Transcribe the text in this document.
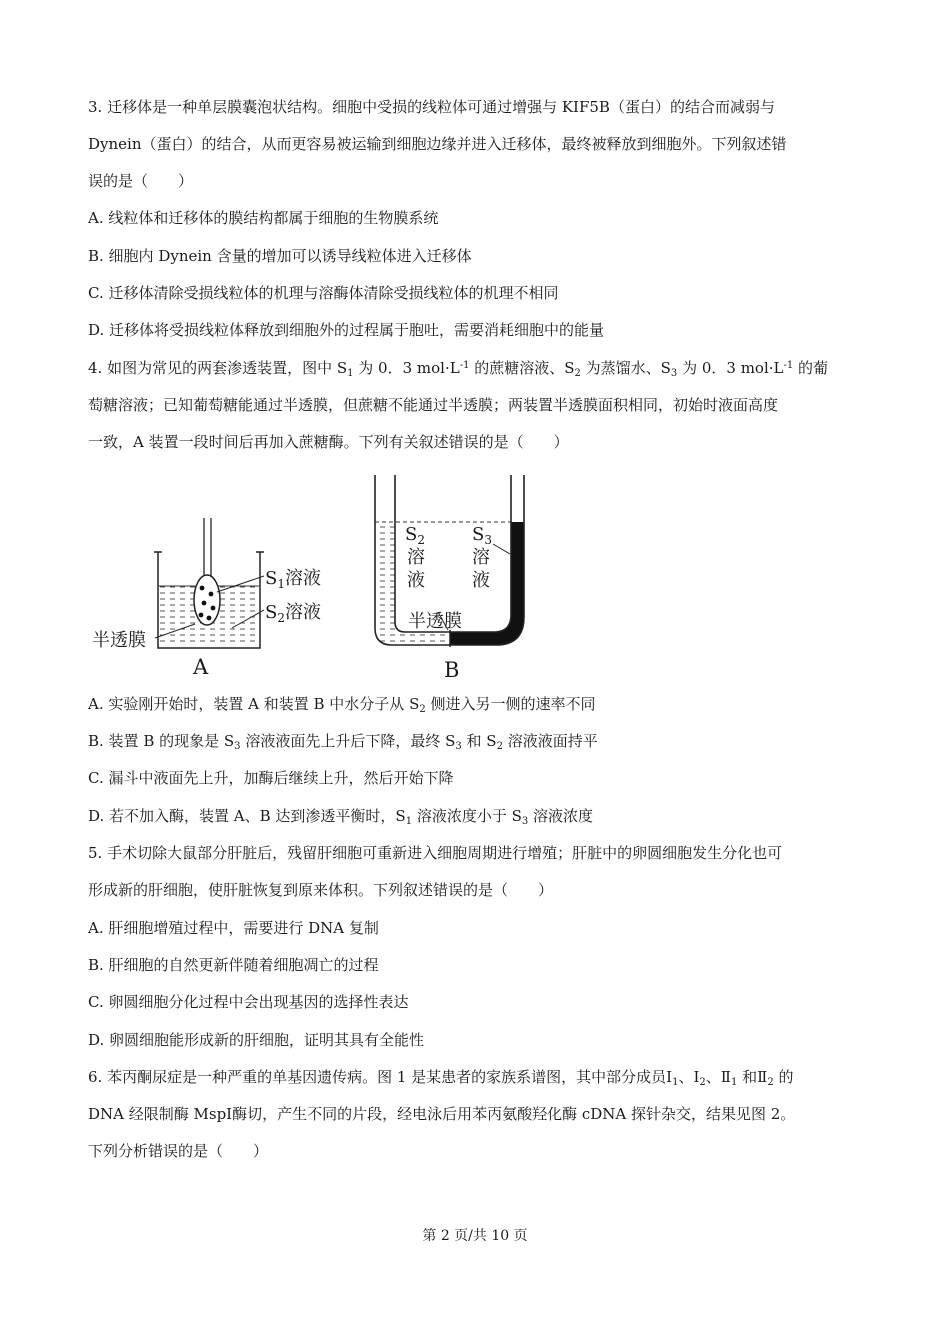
3. 迁移体是一种单层膜囊泡状结构。细胞中受损的线粒体可通过增强与 KIF5B（蛋白）的结合而减弱与
Dynein（蛋白）的结合，从而更容易被运输到细胞边缘并进入迁移体，最终被释放到细胞外。下列叙述错
误的是（　　）
A. 线粒体和迁移体的膜结构都属于细胞的生物膜系统
B. 细胞内 Dynein 含量的增加可以诱导线粒体进入迁移体
C. 迁移体清除受损线粒体的机理与溶酶体清除受损线粒体的机理不相同
D. 迁移体将受损线粒体释放到细胞外的过程属于胞吐，需要消耗细胞中的能量
4. 如图为常见的两套渗透装置，图中 $S_1$ 为 0．3 $mol\cdot L^{-1}$ 的蔗糖溶液、$S_2$ 为蒸馏水、$S_3$ 为 0．3 $mol\cdot L^{-1}$ 的葡
萄糖溶液；已知葡萄糖能通过半透膜，但蔗糖不能通过半透膜；两装置半透膜面积相同，初始时液面高度
一致，A 装置一段时间后再加入蔗糖酶。下列有关叙述错误的是（　　）
$S_1$溶液
$S_2$溶液
半透膜
A
$S_2$
溶
液
$S_3$
溶
液
半透膜
B
A. 实验刚开始时，装置 A 和装置 B 中水分子从 $S_2$ 侧进入另一侧的速率不同
B. 装置 B 的现象是 $S_3$ 溶液液面先上升后下降，最终 $S_3$ 和 $S_2$ 溶液液面持平
C. 漏斗中液面先上升，加酶后继续上升，然后开始下降
D. 若不加入酶，装置 A、B 达到渗透平衡时，$S_1$ 溶液浓度小于 $S_3$ 溶液浓度
5. 手术切除大鼠部分肝脏后，残留肝细胞可重新进入细胞周期进行增殖；肝脏中的卵圆细胞发生分化也可
形成新的肝细胞，使肝脏恢复到原来体积。下列叙述错误的是（　　）
A. 肝细胞增殖过程中，需要进行 DNA 复制
B. 肝细胞的自然更新伴随着细胞凋亡的过程
C. 卵圆细胞分化过程中会出现基因的选择性表达
D. 卵圆细胞能形成新的肝细胞，证明其具有全能性
6. 苯丙酮尿症是一种严重的单基因遗传病。图 1 是某患者的家族系谱图，其中部分成员$Ⅰ_1$、$Ⅰ_2$、$Ⅱ_1$ 和$Ⅱ_2$ 的
DNA 经限制酶 MspI酶切，产生不同的片段，经电泳后用苯丙氨酸羟化酶 cDNA 探针杂交，结果见图 2。
下列分析错误的是（　　）
第 2 页/共 10 页
